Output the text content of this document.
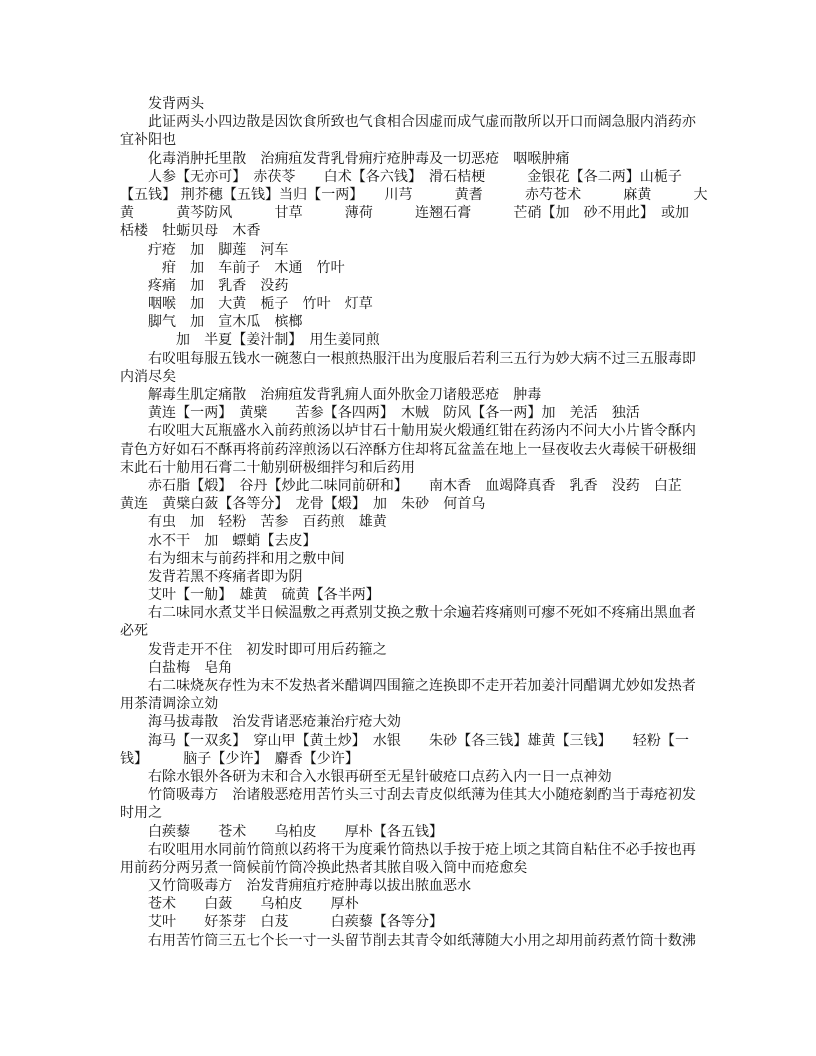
发背两头
此证两头小四边散是因饮食所致也气食相合因虚而成气虚而散所以开口而阔急服内消药亦
宜补阳也
化毒消肿托里散　治痈疽发背乳骨痈疔疮肿毒及一切恶疮　咽喉肿痛
人参【无亦可】　赤茯苓　　白术【各六钱】　滑石桔梗　　　金银花【各二两】山栀子
【五钱】 荆芥穗【五钱】当归【一两】　　川芎　　　黄耆　　　赤芍苍术　　　麻黄　　　大
黄　　　黄芩防风　　　甘草　　　薄荷　　　连翘石膏　　　芒硝【加　砂不用此】　或加
栝楼　牡蛎贝母　木香
疔疮　加　脚莲　河车
疳　加　车前子　木通　竹叶
疼痛　加　乳香　没药
咽喉　加　大黄　栀子　竹叶　灯草
脚气　加　宣木瓜　槟榔
加　半夏【姜汁制】　用生姜同煎
右㕮咀每服五钱水一碗葱白一根煎热服汗出为度服后若利三五行为妙大病不过三五服毒即
内消尽矣
解毒生肌定痛散　治痈疽发背乳痈人面外肷金刀诸般恶疮　肿毒
黄连【一两】　黄檗　　苦参【各四两】　木贼　防风【各一两】加　羌活　独活
右㕮咀大瓦瓶盛水入前药煎汤以垆甘石十觔用炭火煅通红钳在药汤内不问大小片皆令酥内
青色方好如石不酥再将前药滓煎汤以石淬酥方住却将瓦盆盖在地上一昼夜收去火毒候干研极细
末此石十觔用石膏二十觔别研极细拌匀和后药用
赤石脂【煅】　谷丹【炒此二味同前研和】　　南木香　血竭降真香　乳香　没药　白芷
黄连　黄檗白蔹【各等分】　龙骨【煅】　加　朱砂　何首乌
有虫　加　轻粉　苦参　百药煎　雄黄
水不干　加　螵蛸【去皮】
右为细末与前药拌和用之敷中间
发背若黑不疼痛者即为阴
艾叶【一觔】　雄黄　硫黄【各半两】
右二味同水煮艾半日候温敷之再煮别艾换之敷十余遍若疼痛则可瘳不死如不疼痛出黑血者
必死
发背走开不住　初发时即可用后药箍之
白盐梅　皂角
右二味烧灰存性为末不发热者米醋调四围箍之连换即不走开若加姜汁同醋调尤妙如发热者
用茶清调涂立効
海马拔毒散　治发背诸恶疮兼治疔疮大効
海马【一双炙】　穿山甲【黄土炒】　水银　　朱砂【各三钱】雄黄【三钱】　　轻粉【一
钱】　　　脑子【少许】　麝香【少许】
右除水银外各研为末和合入水银再研至无星针破疮口点药入内一日一点神効
竹筒吸毒方　治诸般恶疮用苦竹头三寸刮去青皮似纸薄为佳其大小随疮剶酌当于毒疮初发
时用之
白蒺藜　　苍术　　乌柏皮　　厚朴【各五钱】
右㕮咀用水同前竹筒煎以药将干为度乘竹筒热以手按于疮上顷之其筒自粘住不必手按也再
用前药分两另煮一筒候前竹筒冷换此热者其脓自吸入筒中而疮愈矣
又竹筒吸毒方　治发背痈疽疔疮肿毒以拔出脓血恶水
苍术　　白蔹　　乌柏皮　　厚朴
艾叶　　好茶芽　白芨　　　白蒺藜【各等分】
右用苦竹筒三五七个长一寸一头留节削去其青令如纸薄随大小用之却用前药煮竹筒十数沸
